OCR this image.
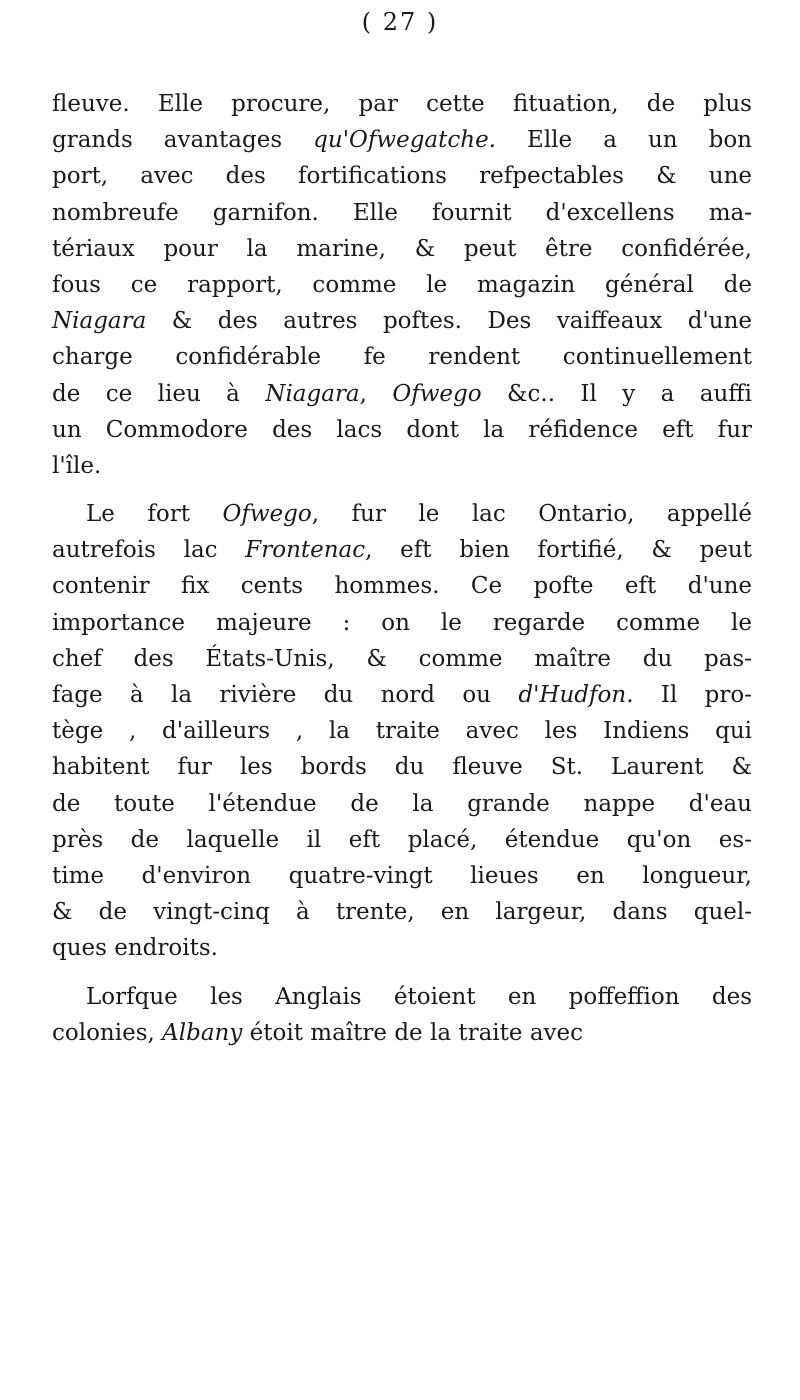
( 27 )
fleuve. Elle procure, par cette fituation, de plus
grands avantages qu'Ofwegatche. Elle a un bon
port, avec des fortifications refpectables & une
nombreufe garnifon. Elle fournit d'excellens ma-
tériaux pour la marine, & peut être confidérée,
fous ce rapport, comme le magazin général de
Niagara & des autres poftes. Des vaiffeaux d'une
charge confidérable fe rendent continuellement
de ce lieu à Niagara, Ofwego &c.. Il y a auffi
un Commodore des lacs dont la réfidence eft fur
l'île.
Le fort Ofwego, fur le lac Ontario, appellé
autrefois lac Frontenac, eft bien fortifié, & peut
contenir fix cents hommes. Ce pofte eft d'une
importance majeure : on le regarde comme le
chef des États-Unis, & comme maître du pas-
fage à la rivière du nord ou d'Hudfon. Il pro-
tège , d'ailleurs , la traite avec les Indiens qui
habitent fur les bords du fleuve St. Laurent &
de toute l'étendue de la grande nappe d'eau
près de laquelle il eft placé, étendue qu'on es-
time d'environ quatre-vingt lieues en longueur,
& de vingt-cinq à trente, en largeur, dans quel-
ques endroits.
Lorfque les Anglais étoient en poffeffion des
colonies, Albany étoit maître de la traite avec
